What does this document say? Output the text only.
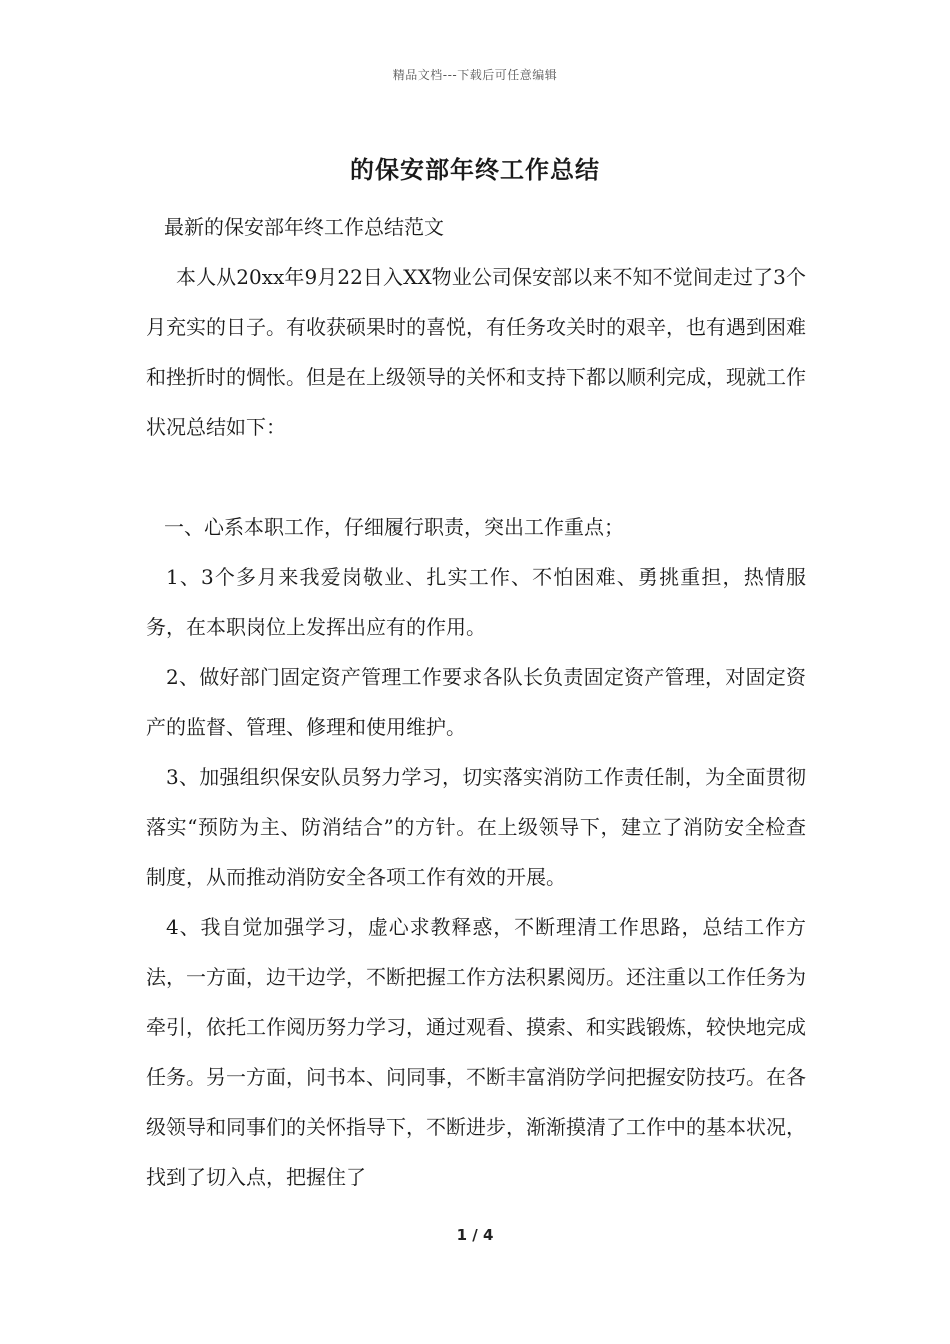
精品文档---下载后可任意编辑
的保安部年终工作总结

最新的保安部年终工作总结范文

本人从20xx年9月22日入XX物业公司保安部以来不知不觉间走过了3个月充实的日子。有收获硕果时的喜悦，有任务攻关时的艰辛，也有遇到困难和挫折时的惆怅。但是在上级领导的关怀和支持下都以顺利完成，现就工作状况总结如下：

一、心系本职工作，仔细履行职责，突出工作重点；

1、3个多月来我爱岗敬业、扎实工作、不怕困难、勇挑重担，热情服务，在本职岗位上发挥出应有的作用。

2、做好部门固定资产管理工作要求各队长负责固定资产管理，对固定资产的监督、管理、修理和使用维护。

3、加强组织保安队员努力学习，切实落实消防工作责任制，为全面贯彻落实“预防为主、防消结合”的方针。在上级领导下，建立了消防安全检查制度，从而推动消防安全各项工作有效的开展。

4、我自觉加强学习，虚心求教释惑，不断理清工作思路，总结工作方法，一方面，边干边学，不断把握工作方法积累阅历。还注重以工作任务为牵引，依托工作阅历努力学习，通过观看、摸索、和实践锻炼，较快地完成任务。另一方面，问书本、问同事，不断丰富消防学问把握安防技巧。在各级领导和同事们的关怀指导下，不断进步，渐渐摸清了工作中的基本状况，找到了切入点，把握住了

1 / 4
